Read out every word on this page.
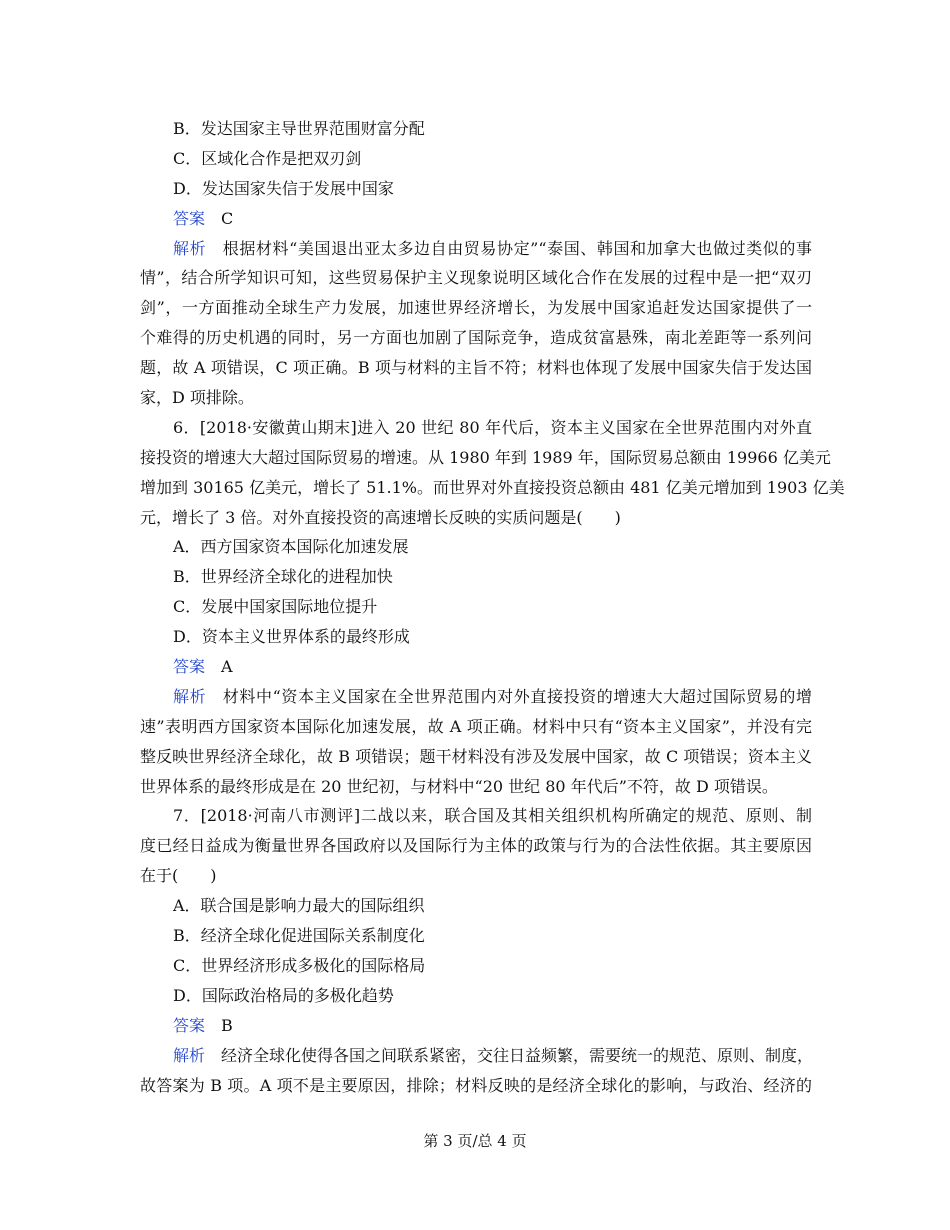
B．发达国家主导世界范围财富分配
C．区域化合作是把双刃剑
D．发达国家失信于发展中国家
答案 C
解析　 根据材料“美国退出亚太多边自由贸易协定”“泰国、韩国和加拿大也做过类似的事
情”，结合所学知识可知，这些贸易保护主义现象说明区域化合作在发展的过程中是一把“双刃
剑”，一方面推动全球生产力发展，加速世界经济增长，为发展中国家追赶发达国家提供了一
个难得的历史机遇的同时，另一方面也加剧了国际竞争，造成贫富悬殊，南北差距等一系列问
题，故 A 项错误，C 项正确。B 项与材料的主旨不符；材料也体现了发展中国家失信于发达国
家，D 项排除。
6．[2018·安徽黄山期末]进入 20 世纪 80 年代后，资本主义国家在全世界范围内对外直
接投资的增速大大超过国际贸易的增速。从 1980 年到 1989 年，国际贸易总额由 19966 亿美元
增加到 30165 亿美元，增长了 51.1%。而世界对外直接投资总额由 481 亿美元增加到 1903 亿美
元，增长了 3 倍。对外直接投资的高速增长反映的实质问题是(　　)
A．西方国家资本国际化加速发展
B．世界经济全球化的进程加快
C．发展中国家国际地位提升
D．资本主义世界体系的最终形成
答案 A
解析　 材料中“资本主义国家在全世界范围内对外直接投资的增速大大超过国际贸易的增
速”表明西方国家资本国际化加速发展，故 A 项正确。材料中只有“资本主义国家”，并没有完
整反映世界经济全球化，故 B 项错误；题干材料没有涉及发展中国家，故 C 项错误；资本主义
世界体系的最终形成是在 20 世纪初，与材料中“20 世纪 80 年代后”不符，故 D 项错误。
7．[2018·河南八市测评]二战以来，联合国及其相关组织机构所确定的规范、原则、制
度已经日益成为衡量世界各国政府以及国际行为主体的政策与行为的合法性依据。其主要原因
在于(　　)
A．联合国是影响力最大的国际组织
B．经济全球化促进国际关系制度化
C．世界经济形成多极化的国际格局
D．国际政治格局的多极化趋势
答案 B
解析　 经济全球化使得各国之间联系紧密，交往日益频繁，需要统一的规范、原则、制度，
故答案为 B 项。A 项不是主要原因，排除；材料反映的是经济全球化的影响，与政治、经济的
第 3 页/总 4 页
